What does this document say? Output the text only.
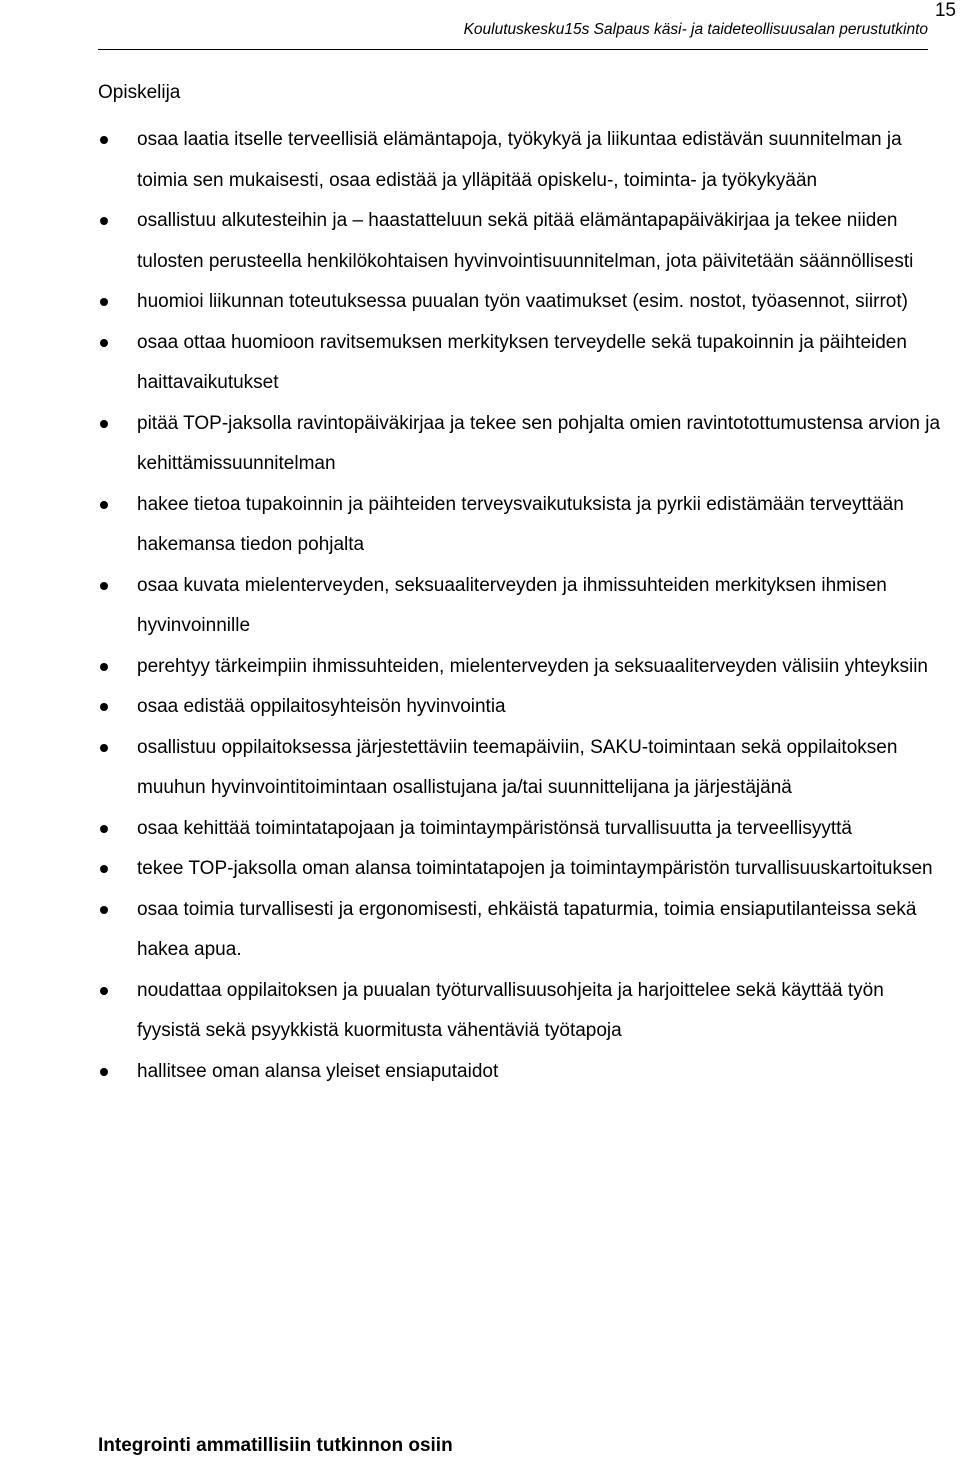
15
Koulutuskesku15s Salpaus käsi- ja taideteollisuusalan perustutkinto
Opiskelija
osaa laatia itselle terveellisiä elämäntapoja, työkykyä ja liikuntaa edistävän suunnitelman ja toimia sen mukaisesti, osaa edistää ja ylläpitää opiskelu-, toiminta- ja työkykyään
osallistuu alkutesteihin ja – haastatteluun sekä pitää elämäntapapäiväkirjaa ja tekee niiden tulosten perusteella henkilökohtaisen hyvinvointisuunnitelman, jota päivitetään säännöllisesti
huomioi liikunnan toteutuksessa puualan työn vaatimukset (esim. nostot, työasennot, siirrot)
osaa ottaa huomioon ravitsemuksen merkityksen terveydelle sekä tupakoinnin ja päihteiden haittavaikutukset
pitää TOP-jaksolla ravintopäiväkirjaa ja tekee sen pohjalta omien ravintotottumustensa arvion ja kehittämissuunnitelman
hakee tietoa tupakoinnin ja päihteiden terveysvaikutuksista ja pyrkii edistämään terveyttään hakemansa tiedon pohjalta
osaa kuvata mielenterveyden, seksuaaliterveyden ja ihmissuhteiden merkityksen ihmisen hyvinvoinnille
perehtyy tärkeimpiin ihmissuhteiden, mielenterveyden ja seksuaaliterveyden välisiin yhteyksiin
osaa edistää oppilaitosyhteisön hyvinvointia
osallistuu oppilaitoksessa järjestettäviin teemapäiviin, SAKU-toimintaan sekä oppilaitoksen muuhun hyvinvointitoimintaan osallistujana ja/tai suunnittelijana ja järjestäjänä
osaa kehittää toimintatapojaan ja toimintaympäristönsä turvallisuutta ja terveellisyyttä
tekee TOP-jaksolla oman alansa toimintatapojen ja toimintaympäristön turvallisuuskartoituksen
osaa toimia turvallisesti ja ergonomisesti, ehkäistä tapaturmia, toimia ensiaputilanteissa sekä hakea apua.
noudattaa oppilaitoksen ja puualan työturvallisuusohjeita ja harjoittelee sekä käyttää työn fyysistä sekä psyykkistä kuormitusta vähentäviä työtapoja
hallitsee oman alansa yleiset ensiaputaidot
Integrointi ammatillisiin tutkinnon osiin
